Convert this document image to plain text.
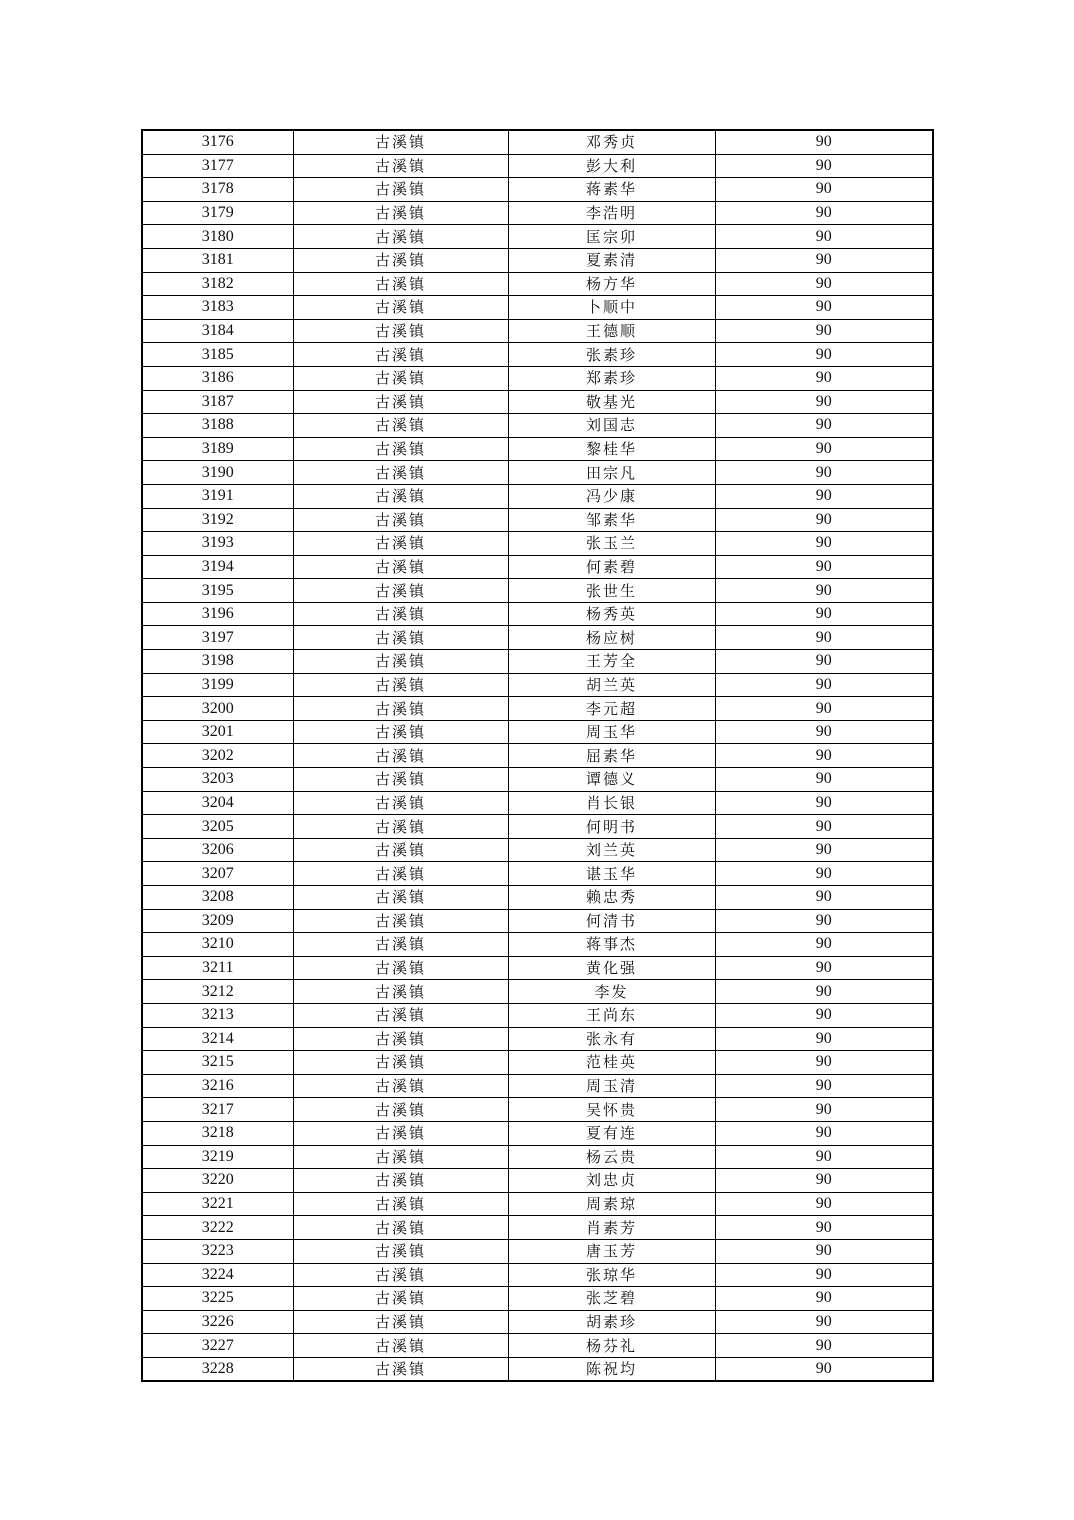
3176	古溪镇	邓秀贞	90
3177	古溪镇	彭大利	90
3178	古溪镇	蒋素华	90
3179	古溪镇	李浩明	90
3180	古溪镇	匡宗卯	90
3181	古溪镇	夏素清	90
3182	古溪镇	杨方华	90
3183	古溪镇	卜顺中	90
3184	古溪镇	王德顺	90
3185	古溪镇	张素珍	90
3186	古溪镇	郑素珍	90
3187	古溪镇	敬基光	90
3188	古溪镇	刘国志	90
3189	古溪镇	黎桂华	90
3190	古溪镇	田宗凡	90
3191	古溪镇	冯少康	90
3192	古溪镇	邹素华	90
3193	古溪镇	张玉兰	90
3194	古溪镇	何素碧	90
3195	古溪镇	张世生	90
3196	古溪镇	杨秀英	90
3197	古溪镇	杨应树	90
3198	古溪镇	王芳全	90
3199	古溪镇	胡兰英	90
3200	古溪镇	李元超	90
3201	古溪镇	周玉华	90
3202	古溪镇	屈素华	90
3203	古溪镇	谭德义	90
3204	古溪镇	肖长银	90
3205	古溪镇	何明书	90
3206	古溪镇	刘兰英	90
3207	古溪镇	谌玉华	90
3208	古溪镇	赖忠秀	90
3209	古溪镇	何清书	90
3210	古溪镇	蒋事杰	90
3211	古溪镇	黄化强	90
3212	古溪镇	李发	90
3213	古溪镇	王尚东	90
3214	古溪镇	张永有	90
3215	古溪镇	范桂英	90
3216	古溪镇	周玉清	90
3217	古溪镇	吴怀贵	90
3218	古溪镇	夏有连	90
3219	古溪镇	杨云贵	90
3220	古溪镇	刘忠贞	90
3221	古溪镇	周素琼	90
3222	古溪镇	肖素芳	90
3223	古溪镇	唐玉芳	90
3224	古溪镇	张琼华	90
3225	古溪镇	张芝碧	90
3226	古溪镇	胡素珍	90
3227	古溪镇	杨芬礼	90
3228	古溪镇	陈祝均	90
